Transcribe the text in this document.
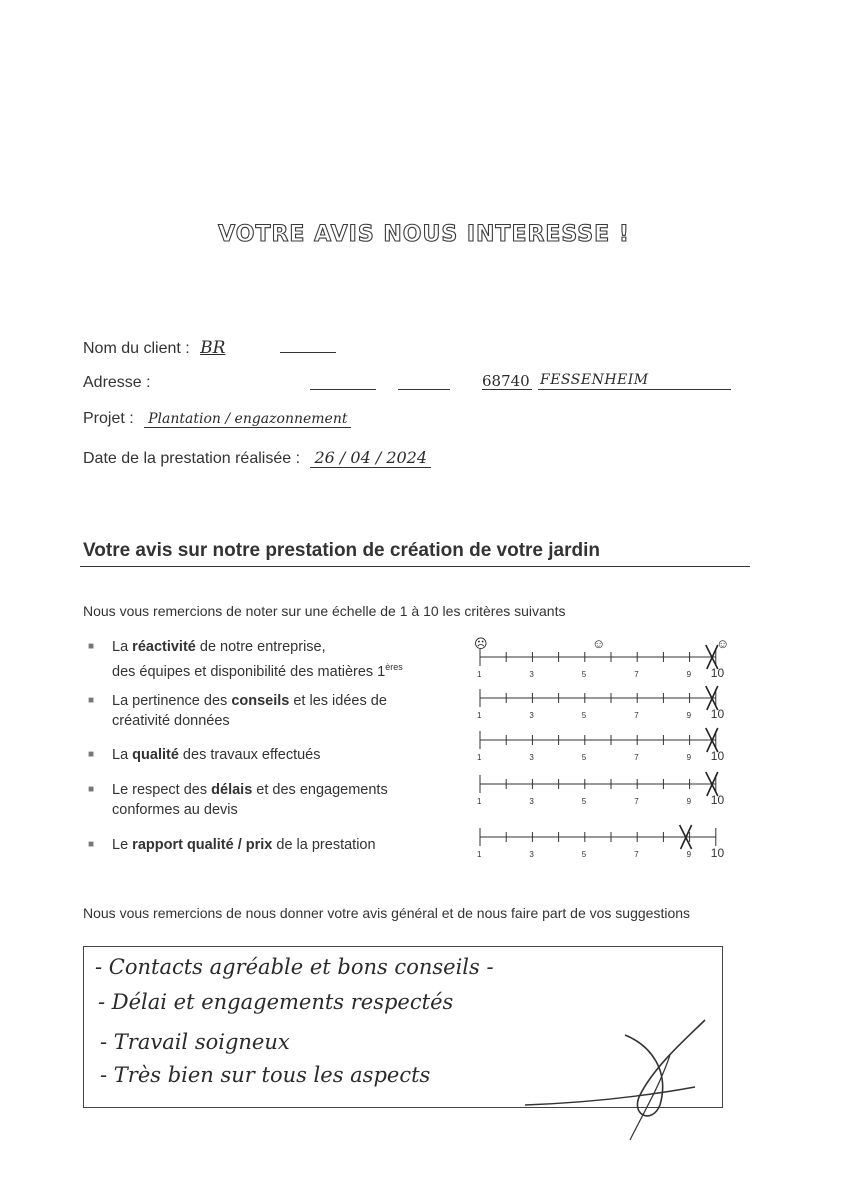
VOTRE AVIS NOUS INTERESSE !
Nom du client : BR
Adresse :	68740 FESSENHEIM
Projet : Plantation / engazonnement
Date de la prestation réalisée : 26 / 04 / 2024
Votre avis sur notre prestation de création de votre jardin
Nous vous remercions de noter sur une échelle de 1 à 10 les critères suivants
■ La réactivité de notre entreprise,
des équipes et disponibilité des matières 1ères
■ La pertinence des conseils et les idées de
créativité données
■ La qualité des travaux effectués
■ Le respect des délais et des engagements
conformes au devis
■ Le rapport qualité / prix de la prestation
☹	☺	☺
1	3	5	7	9 10
1	3	5	7	9 10
1	3	5	7	9 10
1	3	5	7	9 10
1	3	5	7	9 10
Nous vous remercions de nous donner votre avis général et de nous faire part de vos suggestions
- Contacts agréable et bons conseils -
- Délai et engagements respectés
- Travail soigneux
- Très bien sur tous les aspects
